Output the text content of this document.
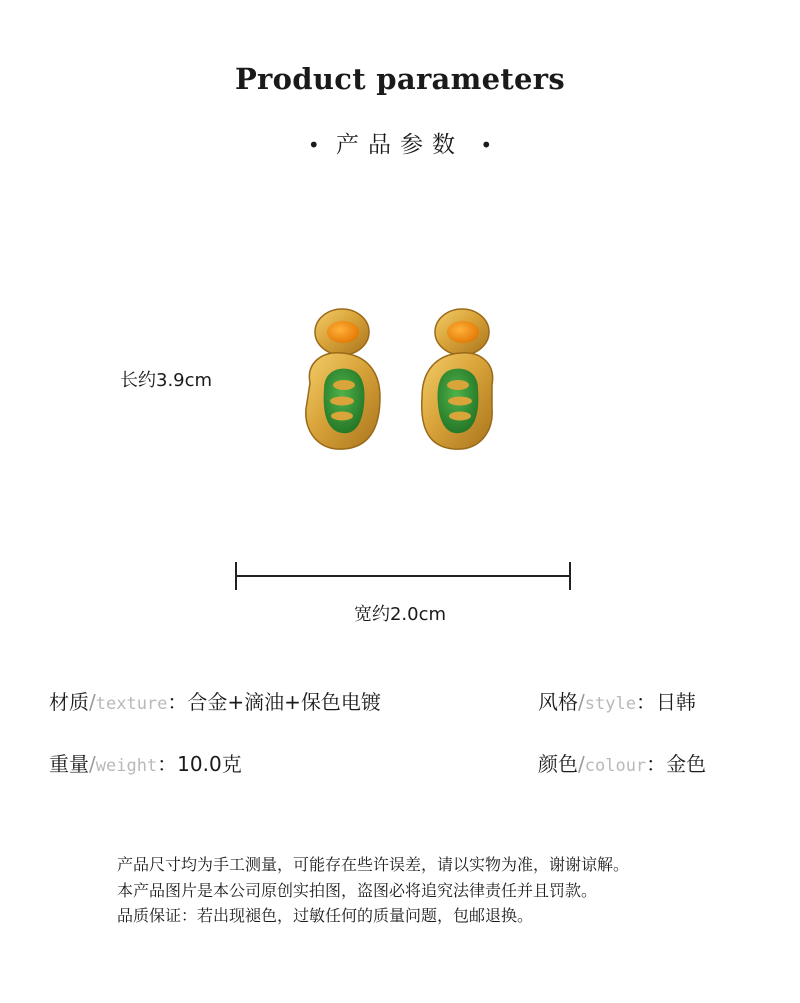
Product parameters
• 产品参数 •
长约3.9cm
宽约2.0cm
材质/texture：合金+滴油+保色电镀	风格/style：日韩
重量/weight：10.0克	颜色/colour：金色
产品尺寸均为手工测量，可能存在些许误差，请以实物为准，谢谢谅解。
本产品图片是本公司原创实拍图，盗图必将追究法律责任并且罚款。
品质保证：若出现褪色，过敏任何的质量问题，包邮退换。
